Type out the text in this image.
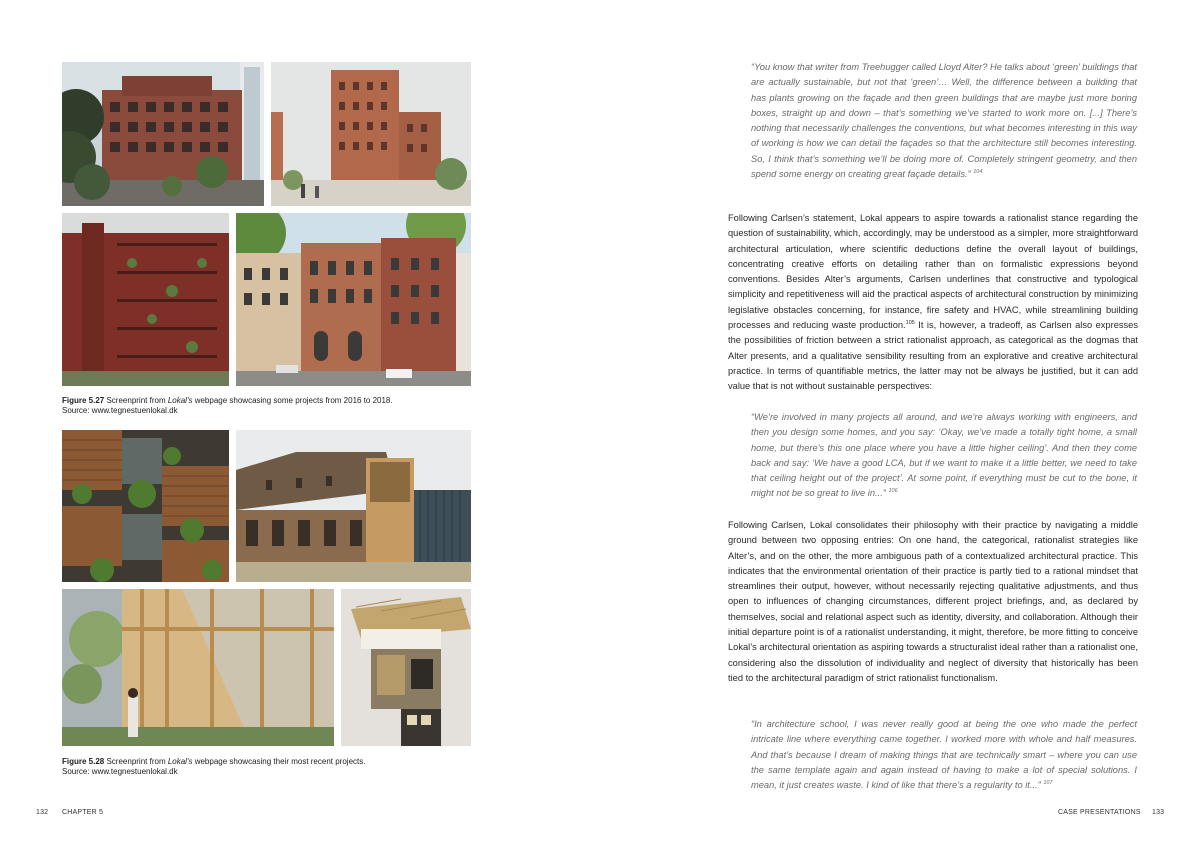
Figure 5.27 Screenprint from Lokal's webpage showcasing some projects from 2016 to 2018.
Source: www.tegnestuenlokal.dk
Figure 5.28 Screenprint from Lokal's webpage showcasing their most recent projects.
Source: www.tegnestuenlokal.dk
“You know that writer from Treehugger called Lloyd Alter? He talks about ‘green’ buildings that are actually sustainable, but not that ‘green’… Well, the difference between a building that has plants growing on the façade and then green buildings that are maybe just more boring boxes, straight up and down – that’s something we’ve started to work more on. [...] There’s nothing that necessarily challenges the conventions, but what becomes interesting in this way of working is how we can detail the façades so that the architecture still becomes interesting. So, I think that’s something we’ll be doing more of. Completely stringent geometry, and then spend some energy on creating great façade details.” $^{104}$
Following Carlsen’s statement, Lokal appears to aspire towards a rationalist stance regarding the question of sustainability, which, accordingly, may be understood as a simpler, more straightforward architectural articulation, where scientific deductions define the overall layout of buildings, concentrating creative efforts on detailing rather than on formalistic expressions beyond conventions. Besides Alter’s arguments, Carlsen underlines that constructive and typological simplicity and repetitiveness will aid the practical aspects of architectural construction by minimizing legislative obstacles concerning, for instance, fire safety and HVAC, while streamlining building processes and reducing waste production.$^{105}$ It is, however, a tradeoff, as Carlsen also expresses the possibilities of friction between a strict rationalist approach, as categorical as the dogmas that Alter presents, and a qualitative sensibility resulting from an explorative and creative architectural practice. In terms of quantifiable metrics, the latter may not be always be justified, but it can add value that is not without sustainable perspectives:
“We’re involved in many projects all around, and we’re always working with engineers, and then you design some homes, and you say: ‘Okay, we’ve made a totally tight home, a small home, but there’s this one place where you have a little higher ceiling’. And then they come back and say: ‘We have a good LCA, but if we want to make it a little better, we need to take that ceiling height out of the project’. At some point, if everything must be cut to the bone, it might not be so great to live in...” $^{106}$
Following Carlsen, Lokal consolidates their philosophy with their practice by navigating a middle ground between two opposing entries: On one hand, the categorical, rationalist strategies like Alter’s, and on the other, the more ambiguous path of a contextualized architectural practice. This indicates that the environmental orientation of their practice is partly tied to a rational mindset that streamlines their output, however, without necessarily rejecting qualitative adjustments, and thus open to influences of changing circumstances, different project briefings, and, as declared by themselves, social and relational aspect such as identity, diversity, and collaboration. Although their initial departure point is of a rationalist understanding, it might, therefore, be more fitting to conceive Lokal’s architectural orientation as aspiring towards a structuralist ideal rather than a rationalist one, considering also the dissolution of individuality and neglect of diversity that historically has been tied to the architectural paradigm of strict rationalist functionalism.
“In architecture school, I was never really good at being the one who made the perfect intricate line where everything came together. I worked more with whole and half measures. And that’s because I dream of making things that are technically smart – where you can use the same template again and again instead of having to make a lot of special solutions. I mean, it just creates waste. I kind of like that there’s a regularity to it...” $^{107}$
132 CHAPTER 5	CASE PRESENTATIONS 133
